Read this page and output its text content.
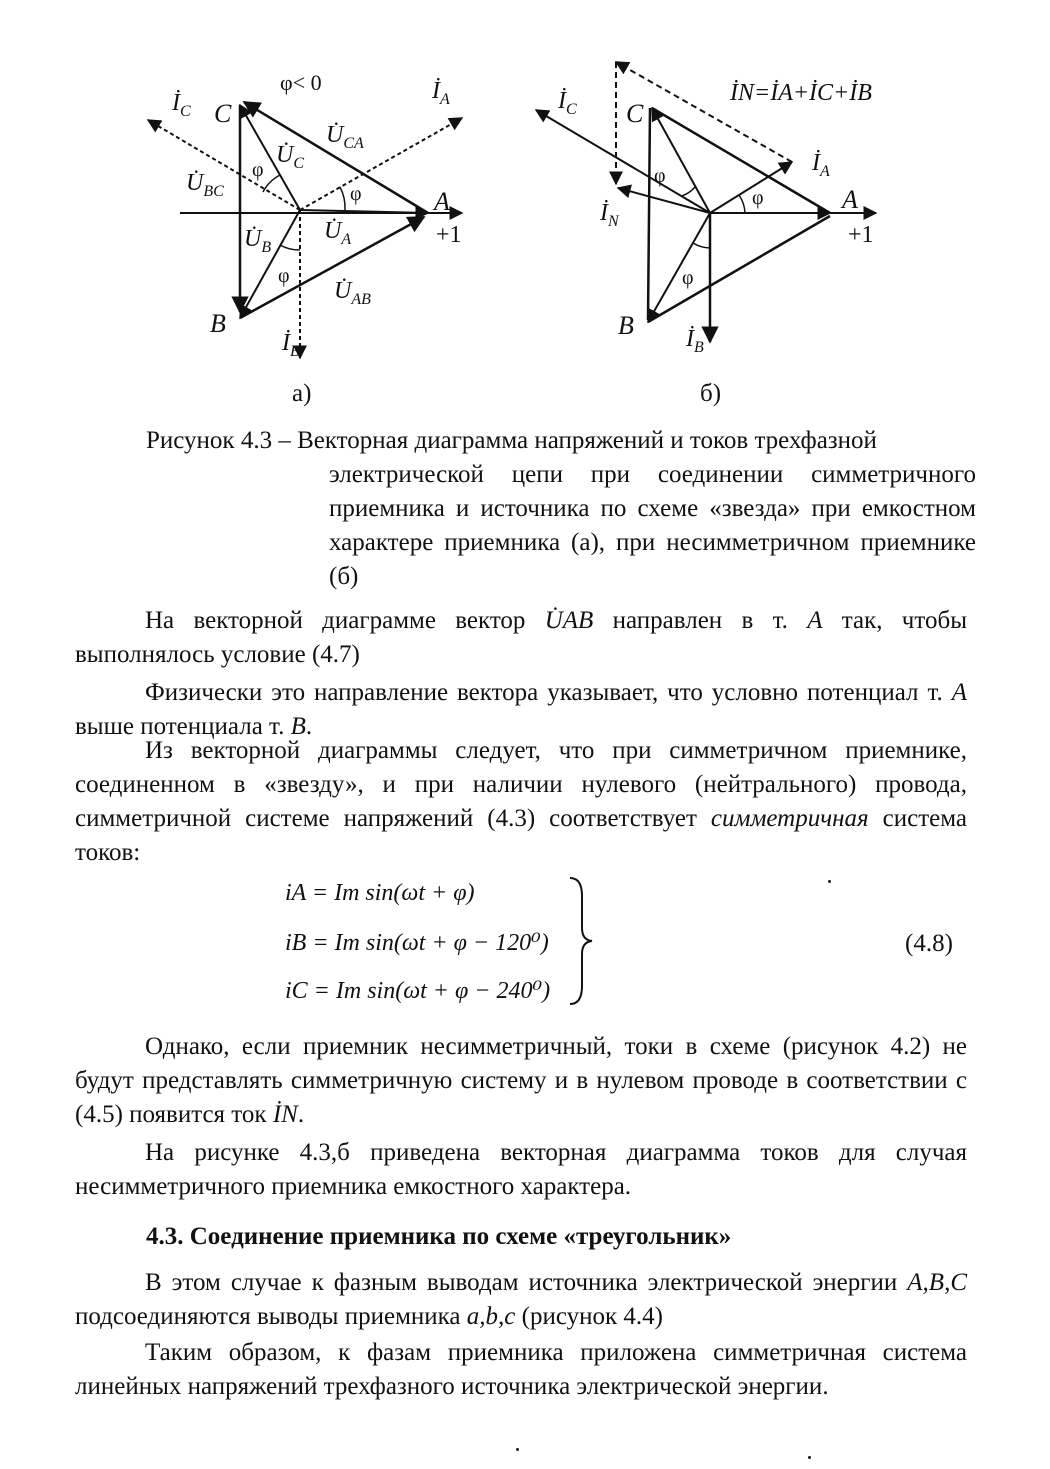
φ< 0
$İ_C$
$İ_A$
$İ_B$
C
A
B
+1
$U̇_C$
$U̇_{CA}$
$U̇_{BC}$
$U̇_A$
$U̇_B$
$U̇_{AB}$
φ
φ
φ
İN=İA+İC+İB
$İ_C$
$İ_N$
$İ_A$
$İ_B$
C
A
B
+1
φ
φ
φ
а)	б)
Рисунок 4.3 – Векторная диаграмма напряжений и токов трехфазной
электрической цепи при соединении симметричного приемника и источника по схеме «звезда» при емкостном характере приемника (а), при несимметричном приемнике (б)
На векторной диаграмме вектор U̇AB направлен в т. A так, чтобы выполнялось условие (4.7)
Физически это направление вектора указывает, что условно потенциал т. A выше потенциала т. B.
Из векторной диаграммы следует, что при симметричном приемнике, соединенном в «звезду», и при наличии нулевого (нейтрального) провода, симметричной системе напряжений (4.3) соответствует симметричная система токов:
iA = Im sin(ωt + φ)
iB = Im sin(ωt + φ − 120⁰)
iC = Im sin(ωt + φ − 240⁰)
(4.8)
Однако, если приемник несимметричный, токи в схеме (рисунок 4.2) не будут представлять симметричную систему и в нулевом проводе в соответствии с (4.5) появится ток İN.
На рисунке 4.3,б приведена векторная диаграмма токов для случая несимметричного приемника емкостного характера.
4.3. Соединение приемника по схеме «треугольник»
В этом случае к фазным выводам источника электрической энергии A,B,C подсоединяются выводы приемника a,b,c (рисунок 4.4)
Таким образом, к фазам приемника приложена симметричная система линейных напряжений трехфазного источника электрической энергии.
